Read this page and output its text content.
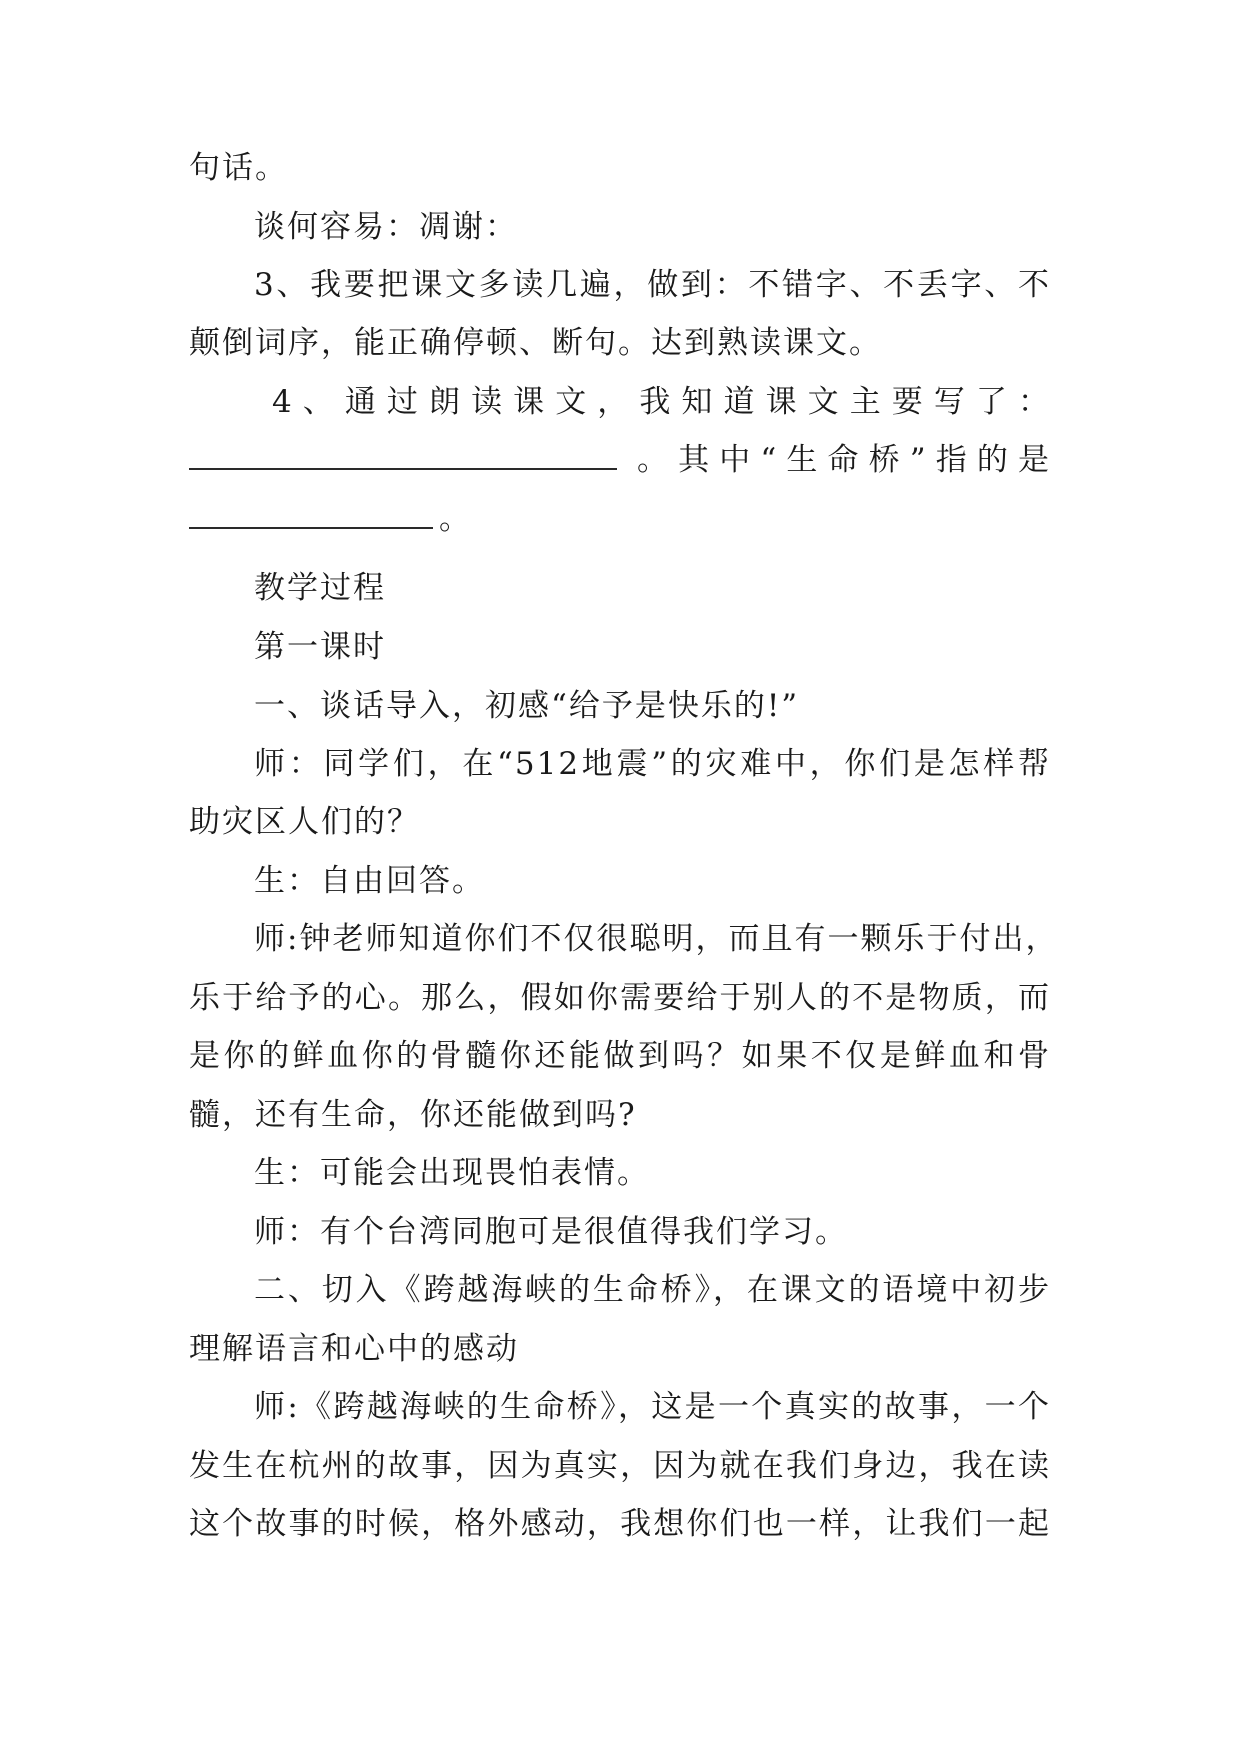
句话。

谈何容易：凋谢：

3、我要把课文多读几遍，做到：不错字、不丢字、不

颠倒词序，能正确停顿、断句。达到熟读课文。

4、通过朗读课文，我知道课文主要写了：

。其中“生命桥”指的是
。

教学过程

第一课时

一、谈话导入，初感“给予是快乐的!”

师：同学们，在“512地震”的灾难中，你们是怎样帮

助灾区人们的？

生：自由回答。

师:钟老师知道你们不仅很聪明，而且有一颗乐于付出，

乐于给予的心。那么，假如你需要给于别人的不是物质，而

是你的鲜血你的骨髓你还能做到吗？如果不仅是鲜血和骨

髓，还有生命，你还能做到吗?

生：可能会出现畏怕表情。

师：有个台湾同胞可是很值得我们学习。

二、切入《跨越海峡的生命桥》，在课文的语境中初步

理解语言和心中的感动

师:《跨越海峡的生命桥》，这是一个真实的故事，一个

发生在杭州的故事，因为真实，因为就在我们身边，我在读

这个故事的时候，格外感动，我想你们也一样，让我们一起
